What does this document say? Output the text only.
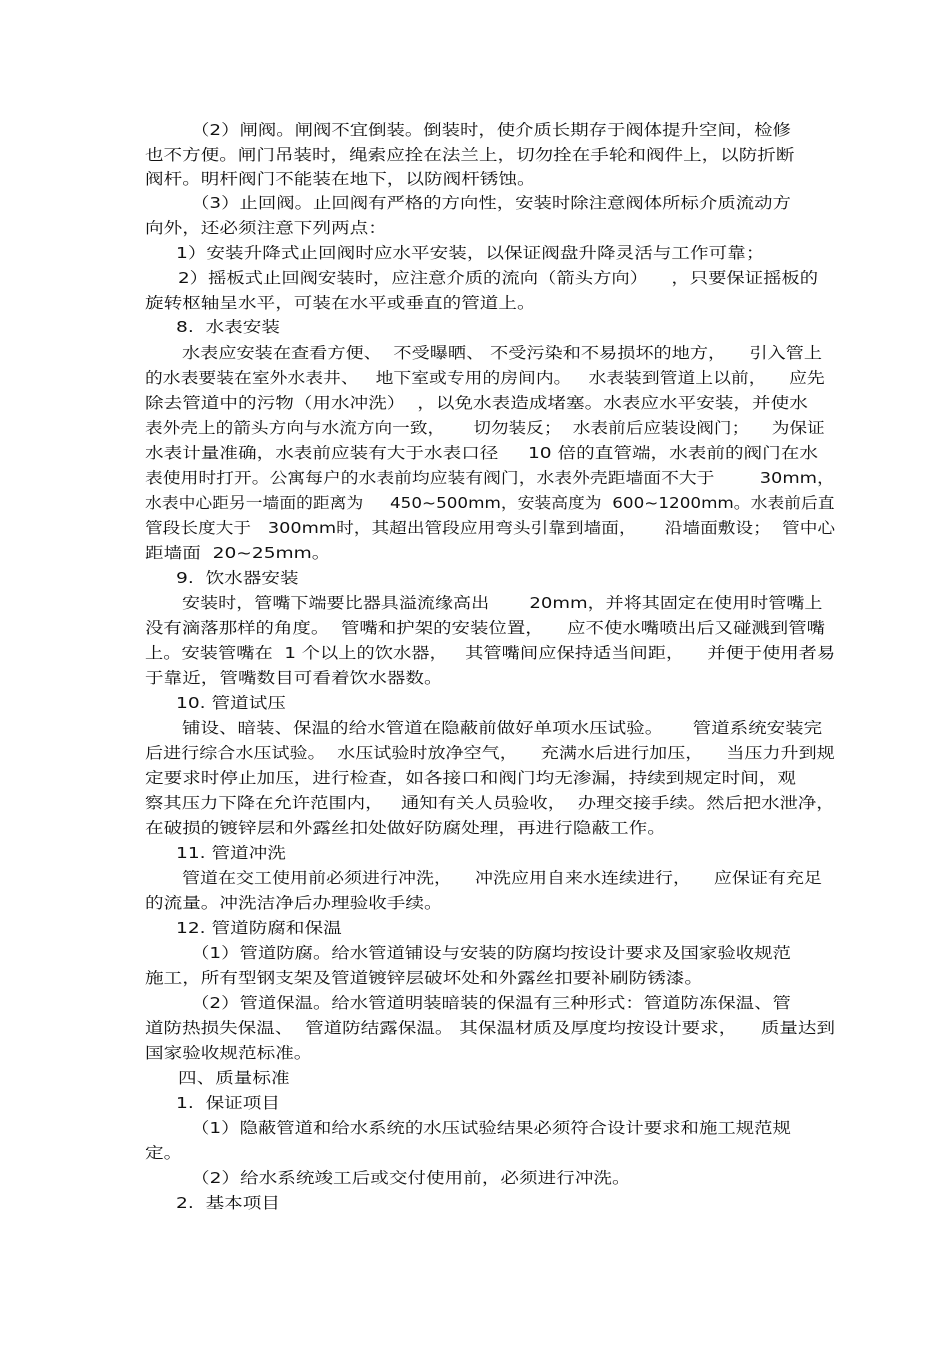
（2）闸阀。闸阀不宜倒装。倒装时，使介质长期存于阀体提升空间，检修
也不方便。闸门吊装时，绳索应拴在法兰上，切勿拴在手轮和阀件上，以防折断
阀杆。明杆阀门不能装在地下，以防阀杆锈蚀。
（3）止回阀。止回阀有严格的方向性，安装时除注意阀体所标介质流动方
向外，还必须注意下列两点：
1）安装升降式止回阀时应水平安装，以保证阀盘升降灵活与工作可靠；
2）摇板式止回阀安装时，应注意介质的流向（箭头方向）    ，只要保证摇板的
旋转枢轴呈水平，可装在水平或垂直的管道上。
8.  水表安装
水表应安装在查看方便、  不受曝晒、 不受污染和不易损坏的地方，    引入管上
的水表要装在室外水表井、   地下室或专用的房间内。   水表装到管道上以前，    应先
除去管道中的污物（用水冲洗）  ，以免水表造成堵塞。水表应水平安装，并使水
表外壳上的箭头方向与水流方向一致，     切勿装反；  水表前后应装设阀门；    为保证
水表计量准确，水表前应装有大于水表口径     10 倍的直管端，水表前的阀门在水
表使用时打开。公寓每户的水表前均应装有阀门，水表外壳距墙面不大于        30mm，
水表中心距另一墙面的距离为     450~500mm，安装高度为  600~1200mm。水表前后直
管段长度大于   300mm时，其超出管段应用弯头引靠到墙面，     沿墙面敷设；  管中心
距墙面  20~25mm。
9.  饮水器安装
安装时，管嘴下端要比器具溢流缘高出       20mm，并将其固定在使用时管嘴上
没有滴落那样的角度。  管嘴和护架的安装位置，    应不使水嘴喷出后又碰溅到管嘴
上。安装管嘴在  1 个以上的饮水器，   其管嘴间应保持适当间距，    并便于使用者易
于靠近，管嘴数目可看着饮水器数。
10. 管道试压
铺设、暗装、保温的给水管道在隐蔽前做好单项水压试验。     管道系统安装完
后进行综合水压试验。  水压试验时放净空气，    充满水后进行加压，    当压力升到规
定要求时停止加压，进行检查，如各接口和阀门均无渗漏，持续到规定时间，观
察其压力下降在允许范围内，   通知有关人员验收，  办理交接手续。然后把水泄净，
在破损的镀锌层和外露丝扣处做好防腐处理，再进行隐蔽工作。
11. 管道冲洗
管道在交工使用前必须进行冲洗，    冲洗应用自来水连续进行，    应保证有充足
的流量。冲洗洁净后办理验收手续。
12. 管道防腐和保温
（1）管道防腐。给水管道铺设与安装的防腐均按设计要求及国家验收规范
施工，所有型钢支架及管道镀锌层破坏处和外露丝扣要补刷防锈漆。
（2）管道保温。给水管道明装暗装的保温有三种形式：管道防冻保温、管
道防热损失保温、  管道防结露保温。 其保温材质及厚度均按设计要求，    质量达到
国家验收规范标准。
四、质量标准
1.  保证项目
（1）隐蔽管道和给水系统的水压试验结果必须符合设计要求和施工规范规
定。
（2）给水系统竣工后或交付使用前，必须进行冲洗。
2.  基本项目
